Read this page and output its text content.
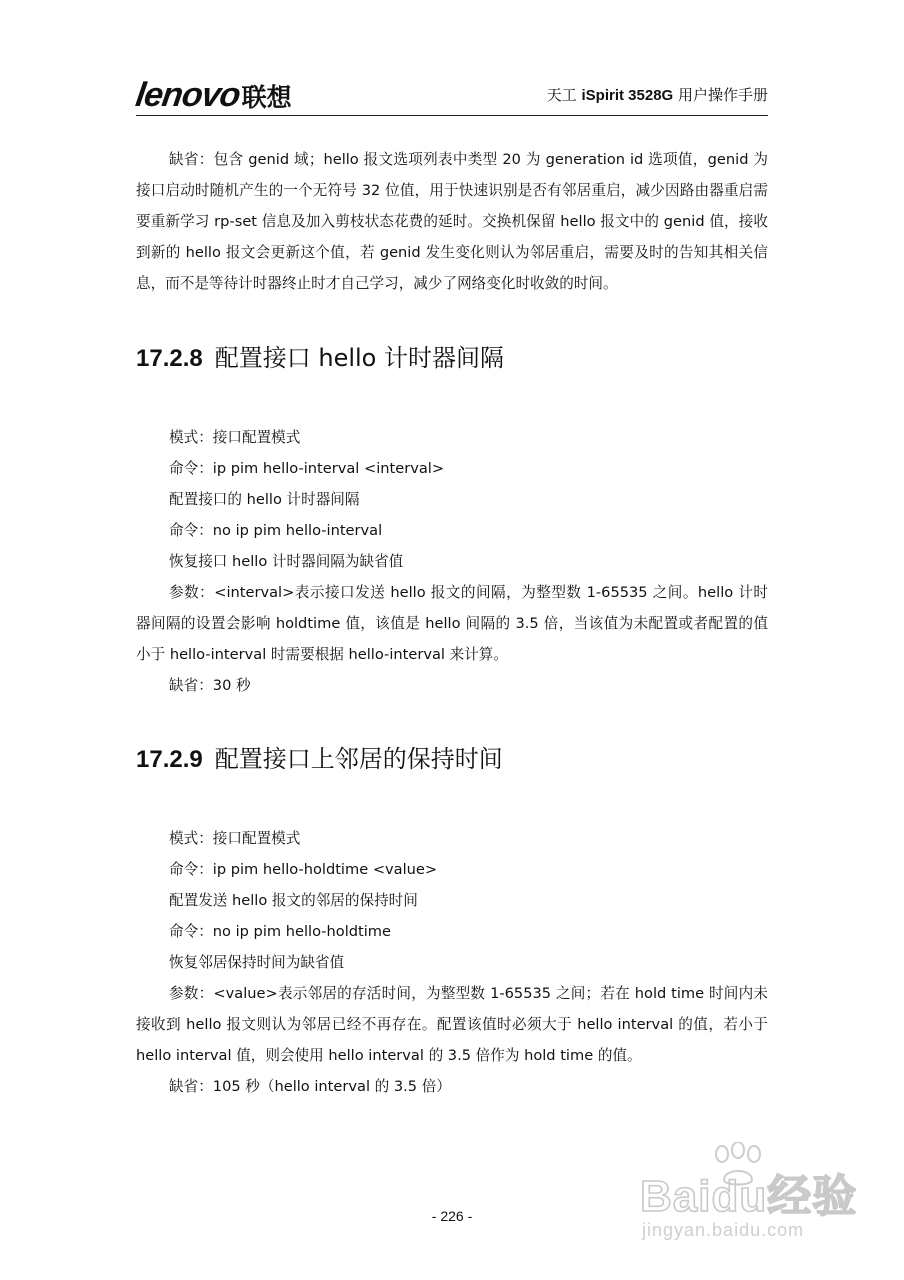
lenovo 联想	天工 iSpirit 3528G 用户操作手册

缺省：包含 genid 域；hello 报文选项列表中类型 20 为 generation id 选项值，genid 为接口启动时随机产生的一个无符号 32 位值，用于快速识别是否有邻居重启，减少因路由器重启需要重新学习 rp-set 信息及加入剪枝状态花费的延时。交换机保留 hello 报文中的 genid 值，接收到新的 hello 报文会更新这个值，若 genid 发生变化则认为邻居重启，需要及时的告知其相关信息，而不是等待计时器终止时才自己学习，减少了网络变化时收敛的时间。

17.2.8 配置接口 hello 计时器间隔
模式：接口配置模式
命令：ip pim hello-interval <interval>
配置接口的 hello 计时器间隔
命令：no ip pim hello-interval
恢复接口 hello 计时器间隔为缺省值

参数：<interval>表示接口发送 hello 报文的间隔，为整型数 1-65535 之间。hello 计时器间隔的设置会影响 holdtime 值，该值是 hello 间隔的 3.5 倍，当该值为未配置或者配置的值小于 hello-interval 时需要根据 hello-interval 来计算。

缺省：30 秒
17.2.9 配置接口上邻居的保持时间
模式：接口配置模式
命令：ip pim hello-holdtime <value>
配置发送 hello 报文的邻居的保持时间
命令：no ip pim hello-holdtime
恢复邻居保持时间为缺省值

参数：<value>表示邻居的存活时间，为整型数 1-65535 之间；若在 hold time 时间内未接收到 hello 报文则认为邻居已经不再存在。配置该值时必须大于 hello interval 的值，若小于 hello interval 值，则会使用 hello interval 的 3.5 倍作为 hold time 的值。

缺省：105 秒（hello interval 的 3.5 倍）
- 226 -	Baidu经验
jingyan.baidu.com
